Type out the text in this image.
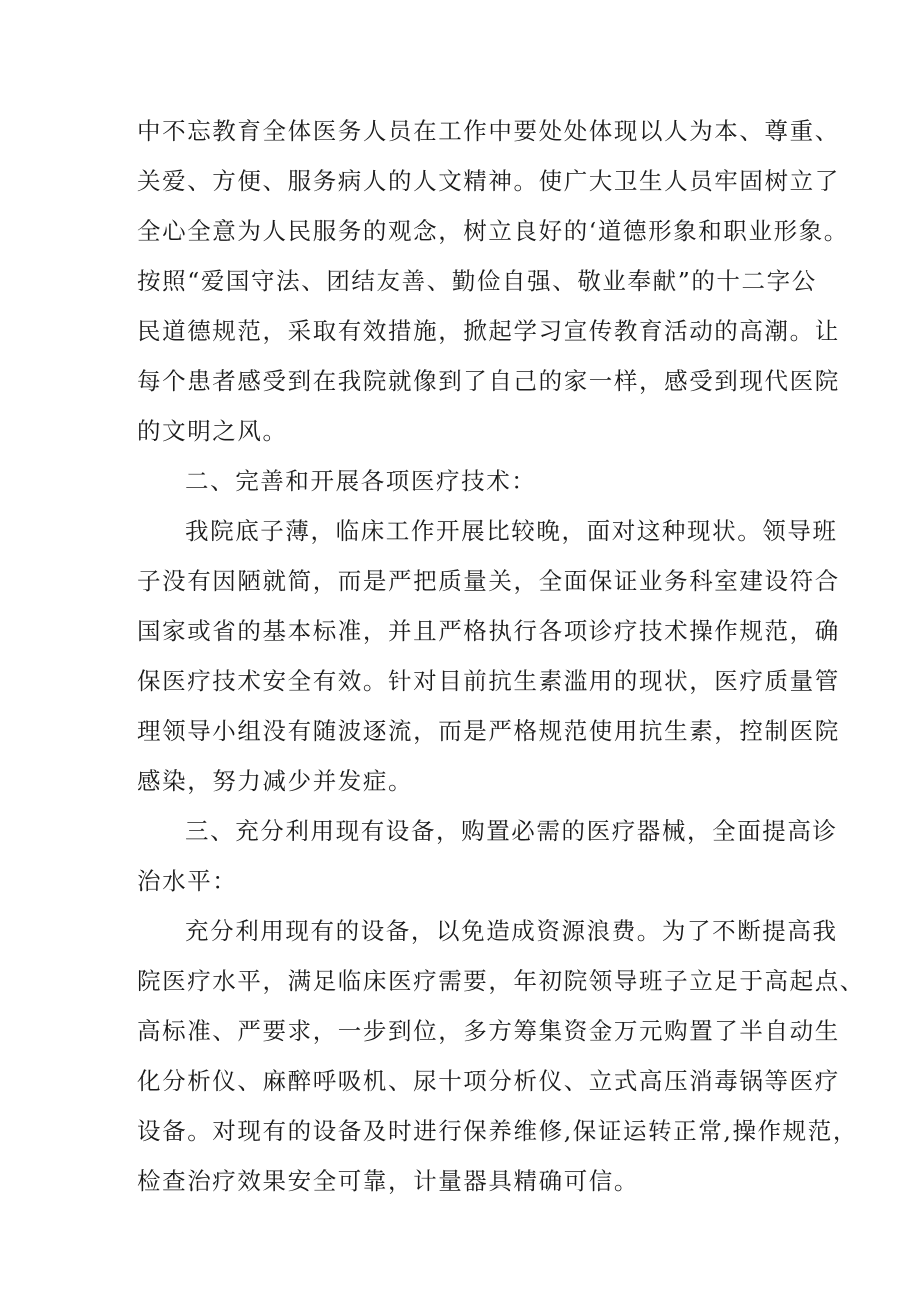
中不忘教育全体医务人员在工作中要处处体现以人为本、尊重、
关爱、方便、服务病人的人文精神。使广大卫生人员牢固树立了
全心全意为人民服务的观念，树立良好的‘道德形象和职业形象。
按照“爱国守法、团结友善、勤俭自强、敬业奉献”的十二字公
民道德规范，采取有效措施，掀起学习宣传教育活动的高潮。让
每个患者感受到在我院就像到了自己的家一样，感受到现代医院
的文明之风。
二、完善和开展各项医疗技术：
我院底子薄，临床工作开展比较晚，面对这种现状。领导班
子没有因陋就简，而是严把质量关，全面保证业务科室建设符合
国家或省的基本标准，并且严格执行各项诊疗技术操作规范，确
保医疗技术安全有效。针对目前抗生素滥用的现状，医疗质量管
理领导小组没有随波逐流，而是严格规范使用抗生素，控制医院
感染，努力减少并发症。
三、充分利用现有设备，购置必需的医疗器械，全面提高诊
治水平：
充分利用现有的设备，以免造成资源浪费。为了不断提高我
院医疗水平，满足临床医疗需要，年初院领导班子立足于高起点、
高标准、严要求，一步到位，多方筹集资金万元购置了半自动生
化分析仪、麻醉呼吸机、尿十项分析仪、立式高压消毒锅等医疗
设备。对现有的设备及时进行保养维修,保证运转正常,操作规范，
检查治疗效果安全可靠，计量器具精确可信。
